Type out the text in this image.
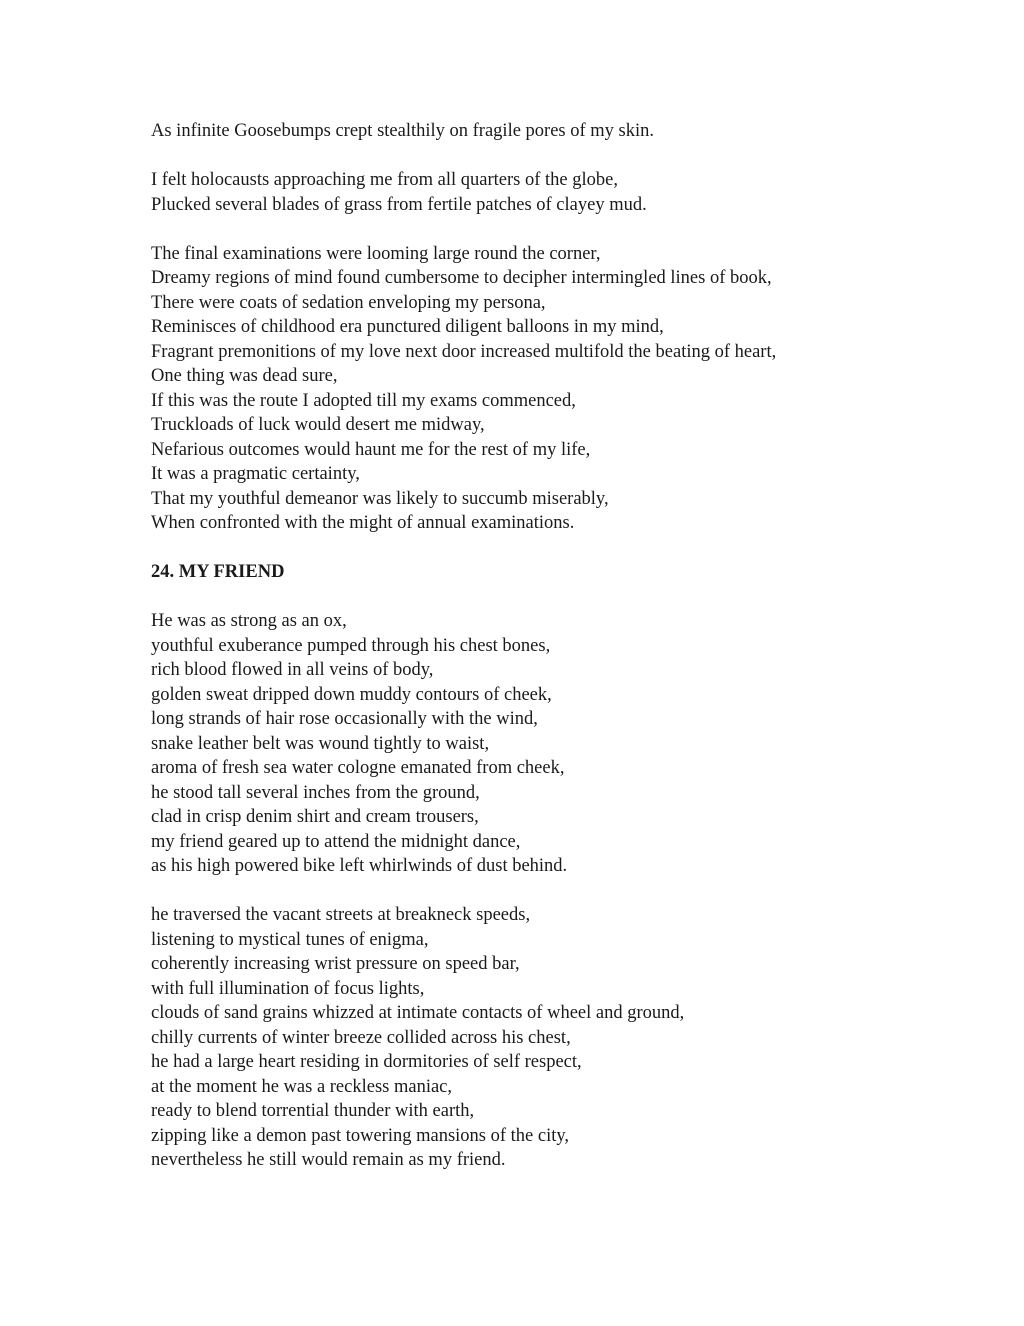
As infinite Goosebumps crept stealthily on fragile pores of my skin.
I felt holocausts approaching me from all quarters of the globe,
Plucked several blades of grass from fertile patches of clayey mud.
The final examinations were looming large round the corner,
Dreamy regions of mind found cumbersome to decipher intermingled lines of book,
There were coats of sedation enveloping my persona,
Reminisces of childhood era punctured diligent balloons in my mind,
Fragrant premonitions of my love next door increased multifold the beating of heart,
One thing was dead sure,
If this was the route I adopted till my exams commenced,
Truckloads of luck would desert me midway,
Nefarious outcomes would haunt me for the rest of my life,
It was a pragmatic certainty,
That my youthful demeanor was likely to succumb miserably,
When confronted with the might of annual examinations.
24. MY FRIEND
He was as strong as an ox,
youthful exuberance pumped through his chest bones,
rich blood flowed in all veins of body,
golden sweat dripped down muddy contours of cheek,
long strands of hair rose occasionally with the wind,
snake leather belt was wound tightly to waist,
aroma of fresh sea water cologne emanated from cheek,
he stood tall several inches from the ground,
clad in crisp denim shirt and cream trousers,
my friend geared up to attend the midnight dance,
as his high powered bike left whirlwinds of dust behind.
he traversed the vacant streets at breakneck speeds,
listening to mystical tunes of enigma,
coherently increasing wrist pressure on speed bar,
with full illumination of focus lights,
clouds of sand grains whizzed at intimate contacts of wheel and ground,
chilly currents of winter breeze collided across his chest,
he had a large heart residing in dormitories of self respect,
at the moment he was a reckless maniac,
ready to blend torrential thunder with earth,
zipping like a demon past towering mansions of the city,
nevertheless he still would remain as my friend.
